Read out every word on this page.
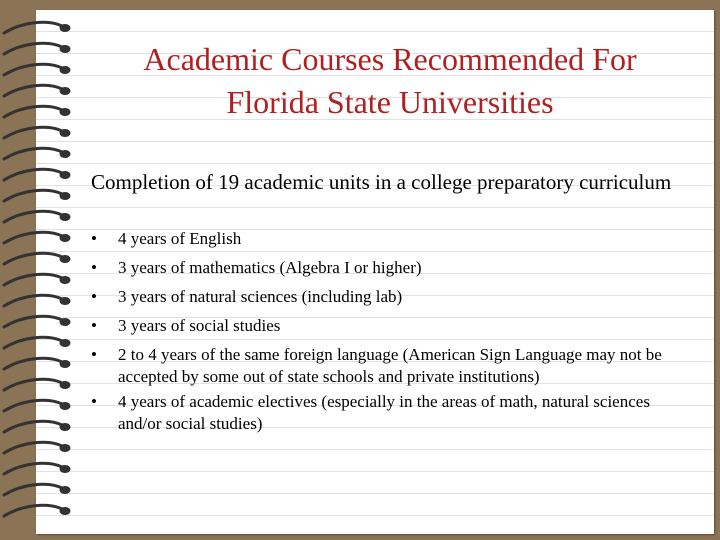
Academic Courses Recommended For
Florida State Universities
Completion of 19 academic units in a college preparatory curriculum
• 4 years of English
• 3 years of mathematics (Algebra I or higher)
• 3 years of natural sciences (including lab)
• 3 years of social studies
• 2 to 4 years of the same foreign language (American Sign Language may not be accepted by some out of state schools and private institutions)
• 4 years of academic electives (especially in the areas of math, natural sciences and/or social studies)
